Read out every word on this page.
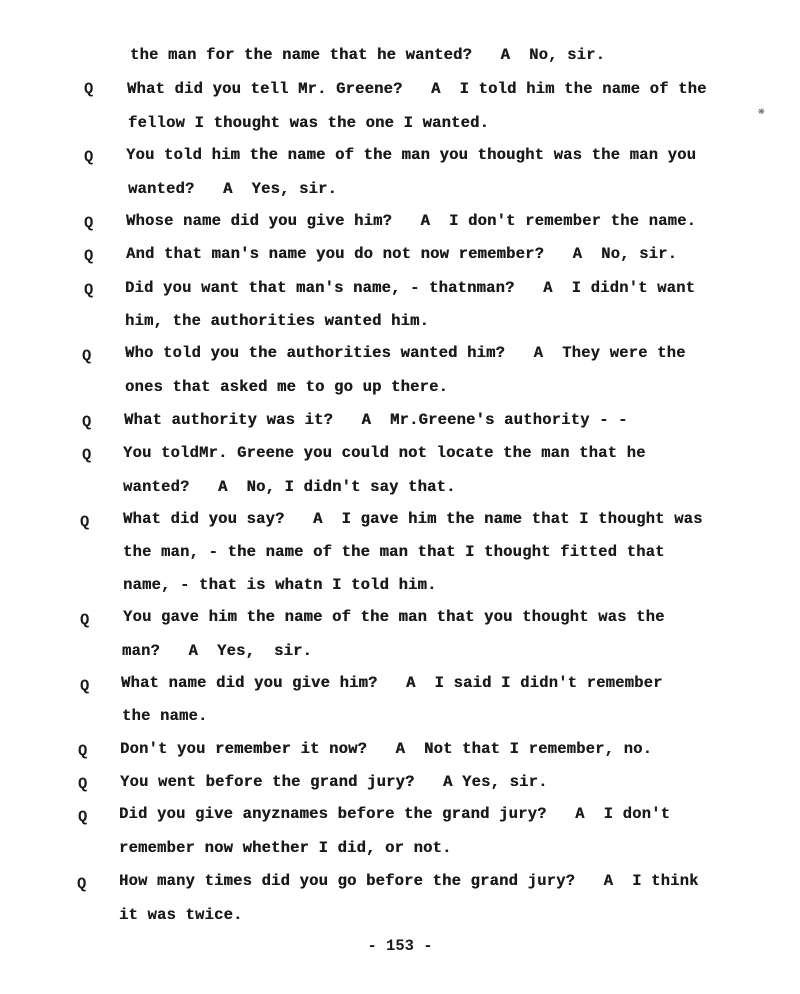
the man for the name that he wanted?   A  No, sir.
Q What did you tell Mr. Greene?   A  I told him the name of the
fellow I thought was the one I wanted.
Q You told him the name of the man you thought was the man you
wanted?   A  Yes, sir.
Q Whose name did you give him?   A  I don't remember the name.
Q And that man's name you do not now remember?   A  No, sir.
Q Did you want that man's name, - thatnman?   A  I didn't want
him, the authorities wanted him.
Q Who told you the authorities wanted him?   A  They were the
ones that asked me to go up there.
Q What authority was it?   A  Mr.Greene's authority - -
Q You toldMr. Greene you could not locate the man that he
wanted?   A  No, I didn't say that.
Q What did you say?   A  I gave him the name that I thought was
the man, - the name of the man that I thought fitted that
name, - that is whatn I told him.
Q You gave him the name of the man that you thought was the
man?   A  Yes,  sir.
Q What name did you give him?   A  I said I didn't remember
the name.
Q Don't you remember it now?   A  Not that I remember, no.
Q You went before the grand jury?   A Yes, sir.
Q Did you give anyznames before the grand jury?   A  I don't
remember now whether I did, or not.
Q How many times did you go before the grand jury?   A  I think
it was twice.
- 153 -
❋
